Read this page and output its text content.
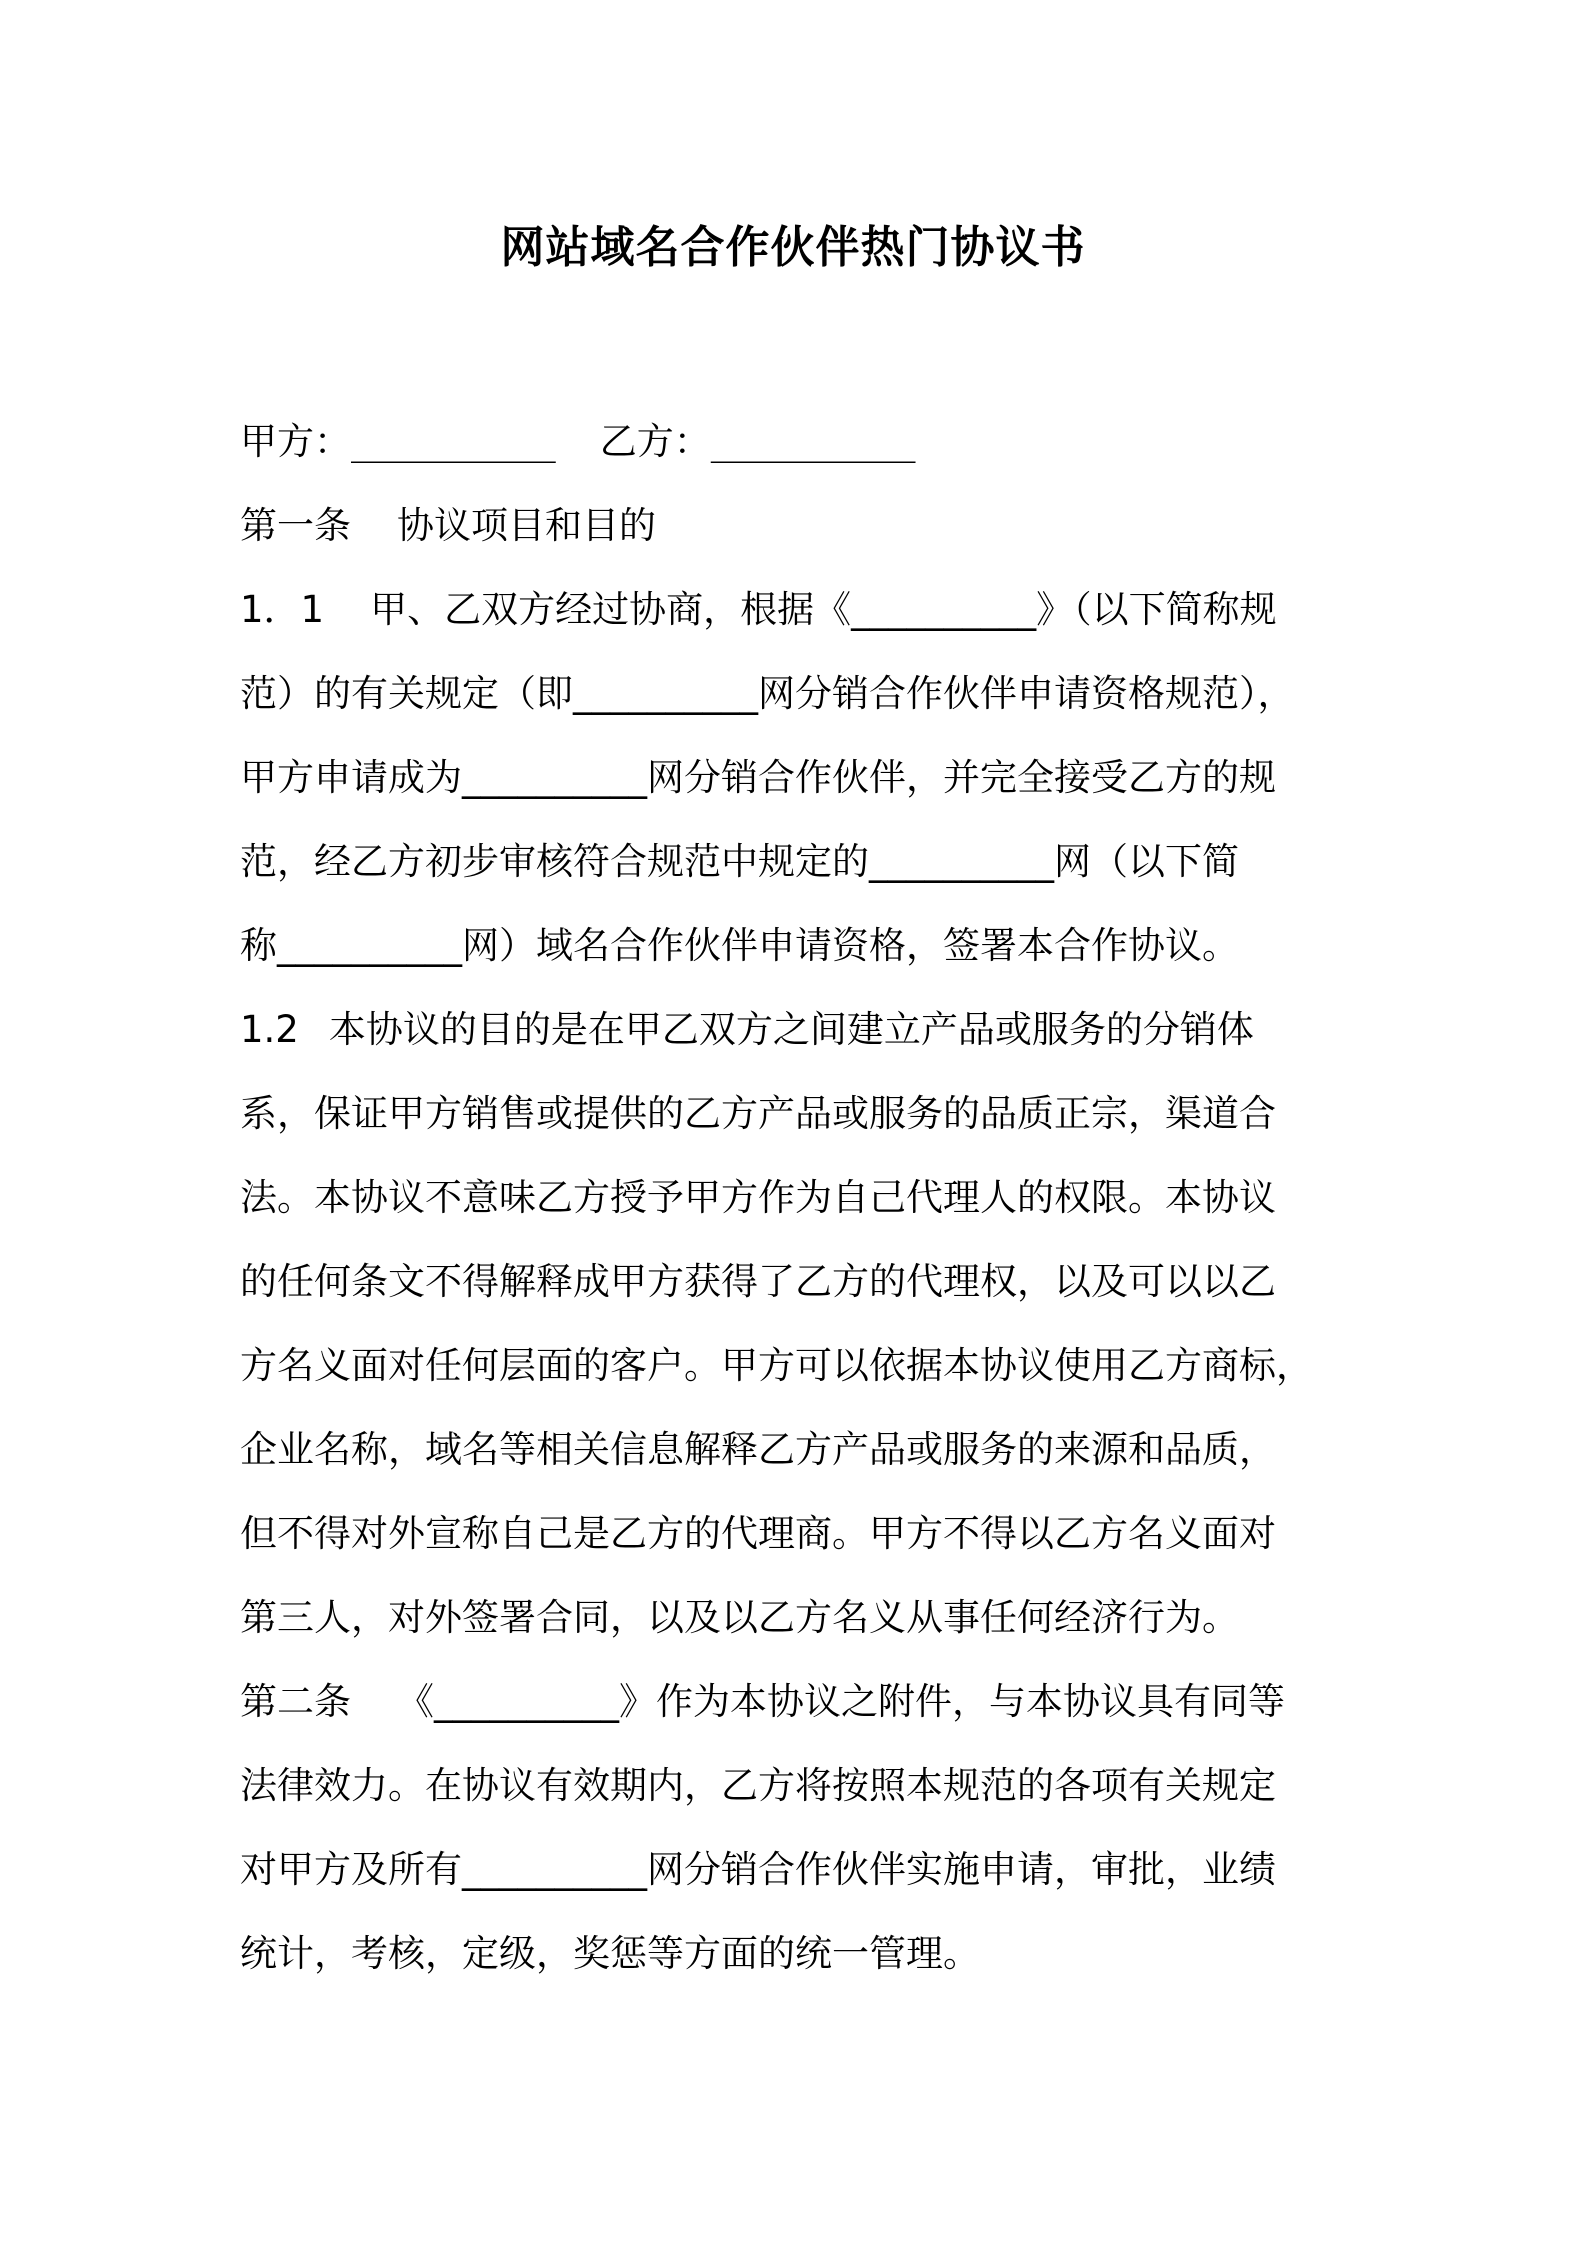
网站域名合作伙伴热门协议书
甲方：__________ 乙方：__________
第一条 协议项目和目的
1．1 甲、乙双方经过协商，根据《__________》（以下简称规
范）的有关规定（即__________网分销合作伙伴申请资格规范），
甲方申请成为__________网分销合作伙伴，并完全接受乙方的规
范，经乙方初步审核符合规范中规定的__________网（以下简
称__________网）域名合作伙伴申请资格，签署本合作协议。
1.2 本协议的目的是在甲乙双方之间建立产品或服务的分销体
系，保证甲方销售或提供的乙方产品或服务的品质正宗，渠道合
法。本协议不意味乙方授予甲方作为自己代理人的权限。本协议
的任何条文不得解释成甲方获得了乙方的代理权，以及可以以乙
方名义面对任何层面的客户。甲方可以依据本协议使用乙方商标，
企业名称，域名等相关信息解释乙方产品或服务的来源和品质，
但不得对外宣称自己是乙方的代理商。甲方不得以乙方名义面对
第三人，对外签署合同，以及以乙方名义从事任何经济行为。
第二条 《__________》作为本协议之附件，与本协议具有同等
法律效力。在协议有效期内，乙方将按照本规范的各项有关规定
对甲方及所有__________网分销合作伙伴实施申请，审批，业绩
统计，考核，定级，奖惩等方面的统一管理。
